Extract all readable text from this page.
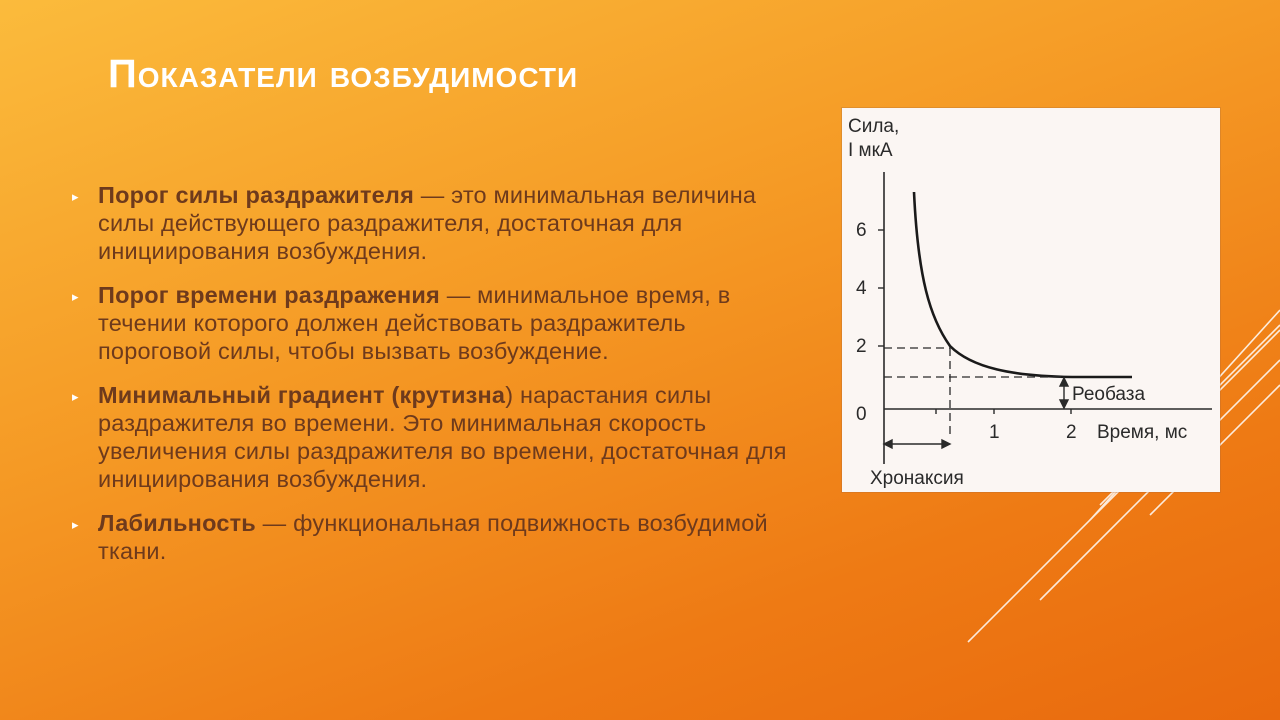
Показатели возбудимости
▸ Порог силы раздражителя — это минимальная величина силы действующего раздражителя, достаточная для инициирования возбуждения.
▸ Порог времени раздражения — минимальное время, в течении которого должен действовать раздражитель пороговой силы, чтобы вызвать возбуждение.
▸ Минимальный градиент (крутизна) нарастания силы раздражителя во времени. Это минимальная скорость увеличения силы раздражителя во времени, достаточная для инициирования возбуждения.
▸ Лабильность — функциональная подвижность возбудимой ткани.
Сила,
I мкА
6
4
2
0
1	2 Время, мс
Реобаза
Хронаксия
